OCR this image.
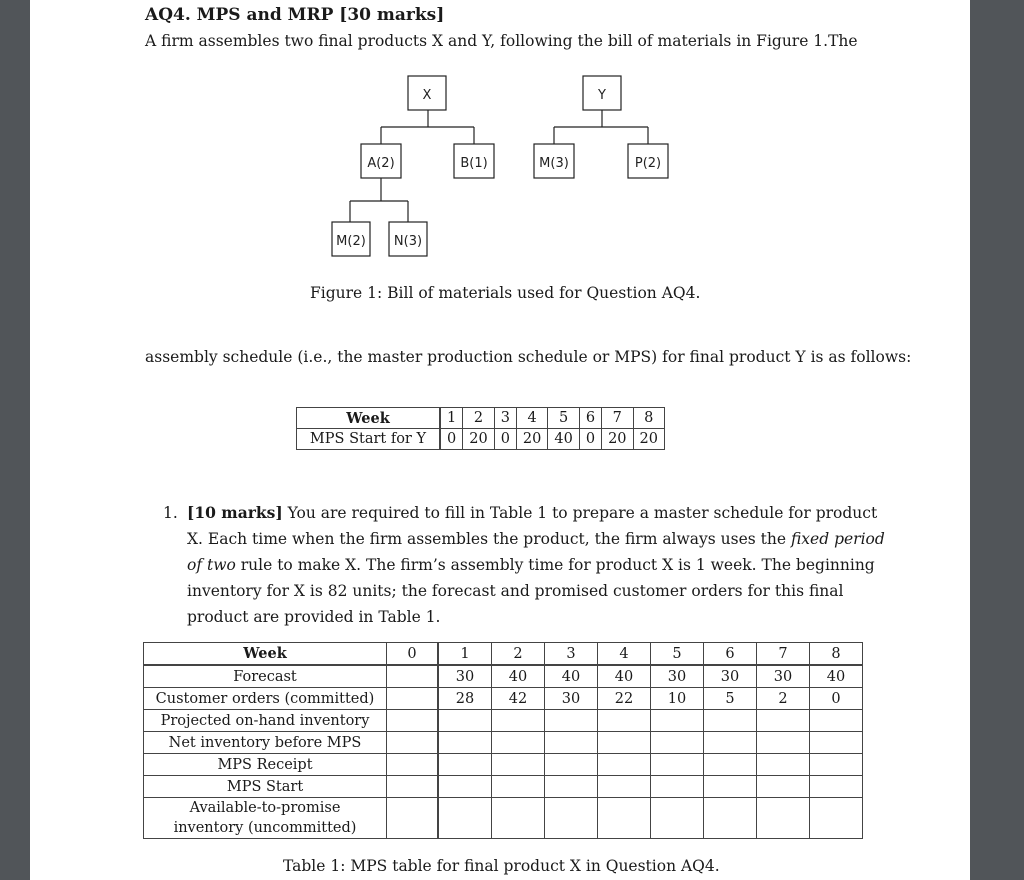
AQ4. MPS and MRP [30 marks]
A firm assembles two final products X and Y, following the bill of materials in Figure 1.The
X	Y
A(2)	B(1)	M(3)	P(2)
M(2) N(3)
Figure 1: Bill of materials used for Question AQ4.
assembly schedule (i.e., the master production schedule or MPS) for final product Y is as follows:
Week	1	2	3	4	5	6	7	8
MPS Start for Y	0	20	0	20	40	0	20	20
1. [10 marks] You are required to fill in Table 1 to prepare a master schedule for product X. Each time when the firm assembles the product, the firm always uses the fixed period of two rule to make X. The firm’s assembly time for product X is 1 week. The beginning inventory for X is 82 units; the forecast and promised customer orders for this final product are provided in Table 1.
Week	0	1	2	3	4	5	6	7	8
Forecast		30	40	40	40	30	30	30	40
Customer orders (committed)		28	42	30	22	10	5	2	0
Projected on-hand inventory									
Net inventory before MPS									
MPS Receipt									
MPS Start									
Available-to-promise
inventory (uncommitted)									
Table 1: MPS table for final product X in Question AQ4.
